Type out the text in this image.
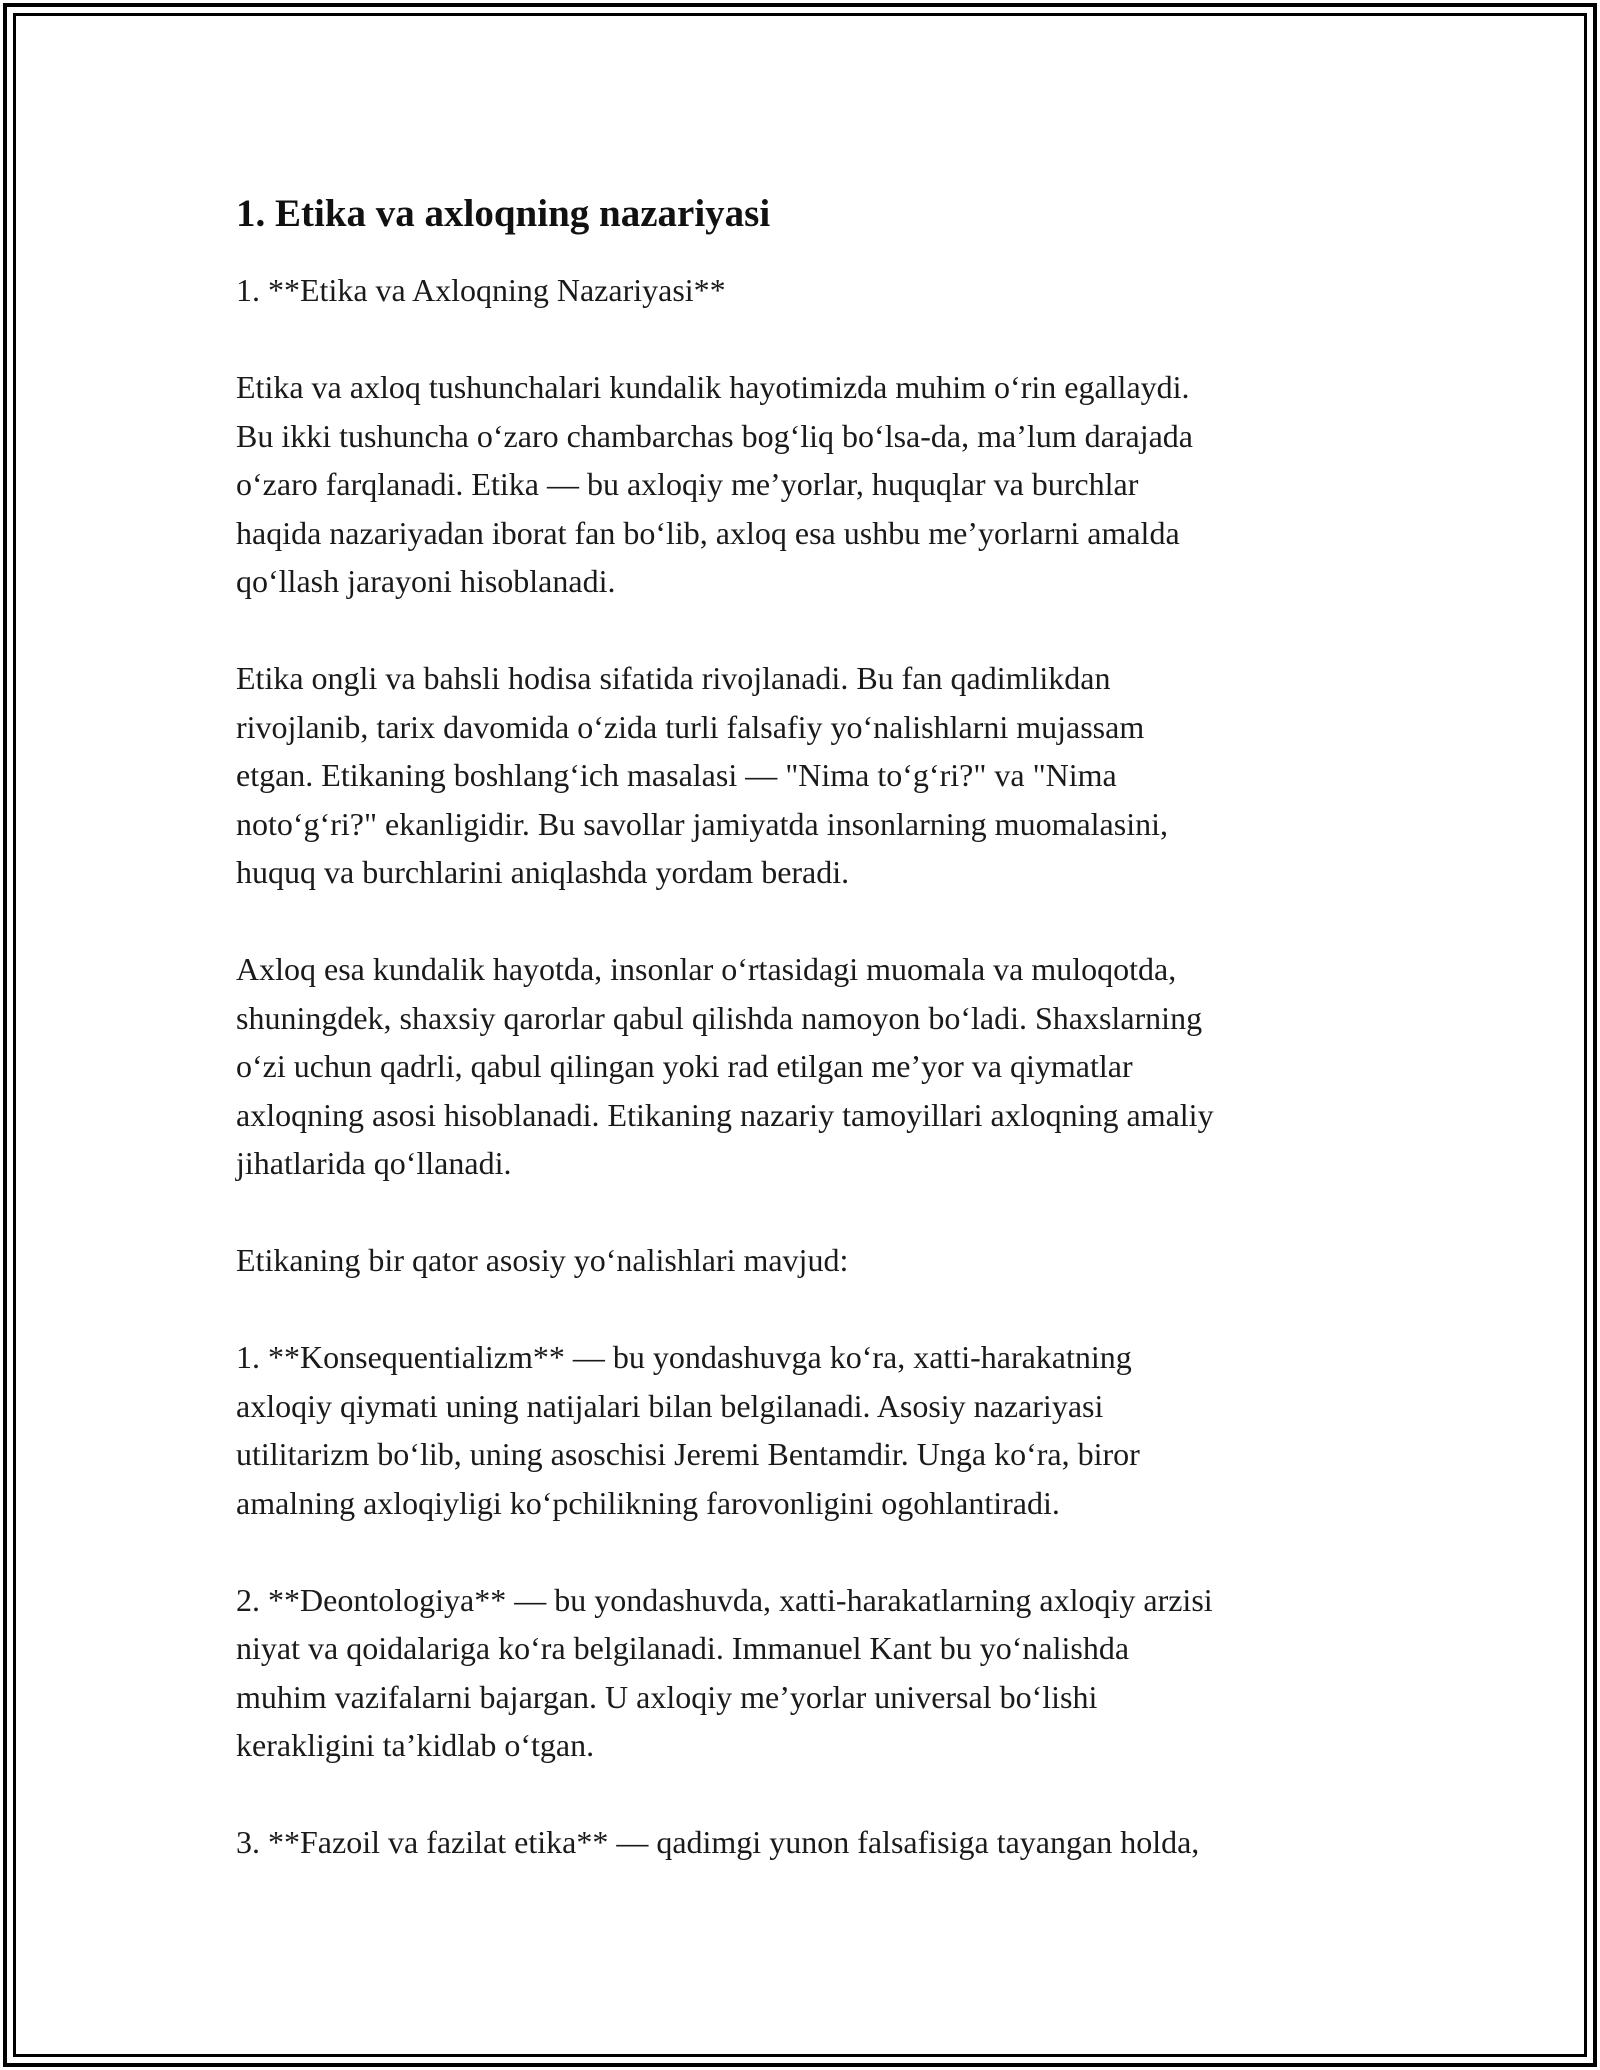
1. Etika va axloqning nazariyasi

1. **Etika va Axloqning Nazariyasi**

Etika va axloq tushunchalari kundalik hayotimizda muhim o‘rin egallaydi.
Bu ikki tushuncha o‘zaro chambarchas bog‘liq bo‘lsa-da, ma’lum darajada
o‘zaro farqlanadi. Etika — bu axloqiy me’yorlar, huquqlar va burchlar
haqida nazariyadan iborat fan bo‘lib, axloq esa ushbu me’yorlarni amalda
qo‘llash jarayoni hisoblanadi.

Etika ongli va bahsli hodisa sifatida rivojlanadi. Bu fan qadimlikdan
rivojlanib, tarix davomida o‘zida turli falsafiy yo‘nalishlarni mujassam
etgan. Etikaning boshlang‘ich masalasi — "Nima to‘g‘ri?" va "Nima
noto‘g‘ri?" ekanligidir. Bu savollar jamiyatda insonlarning muomalasini,
huquq va burchlarini aniqlashda yordam beradi.

Axloq esa kundalik hayotda, insonlar o‘rtasidagi muomala va muloqotda,
shuningdek, shaxsiy qarorlar qabul qilishda namoyon bo‘ladi. Shaxslarning
o‘zi uchun qadrli, qabul qilingan yoki rad etilgan me’yor va qiymatlar
axloqning asosi hisoblanadi. Etikaning nazariy tamoyillari axloqning amaliy
jihatlarida qo‘llanadi.

Etikaning bir qator asosiy yo‘nalishlari mavjud:

1. **Konsequentializm** — bu yondashuvga ko‘ra, xatti-harakatning
axloqiy qiymati uning natijalari bilan belgilanadi. Asosiy nazariyasi
utilitarizm bo‘lib, uning asoschisi Jeremi Bentamdir. Unga ko‘ra, biror
amalning axloqiyligi ko‘pchilikning farovonligini ogohlantiradi.

2. **Deontologiya** — bu yondashuvda, xatti-harakatlarning axloqiy arzisi
niyat va qoidalariga ko‘ra belgilanadi. Immanuel Kant bu yo‘nalishda
muhim vazifalarni bajargan. U axloqiy me’yorlar universal bo‘lishi
kerakligini ta’kidlab o‘tgan.

3. **Fazoil va fazilat etika** — qadimgi yunon falsafisiga tayangan holda,
